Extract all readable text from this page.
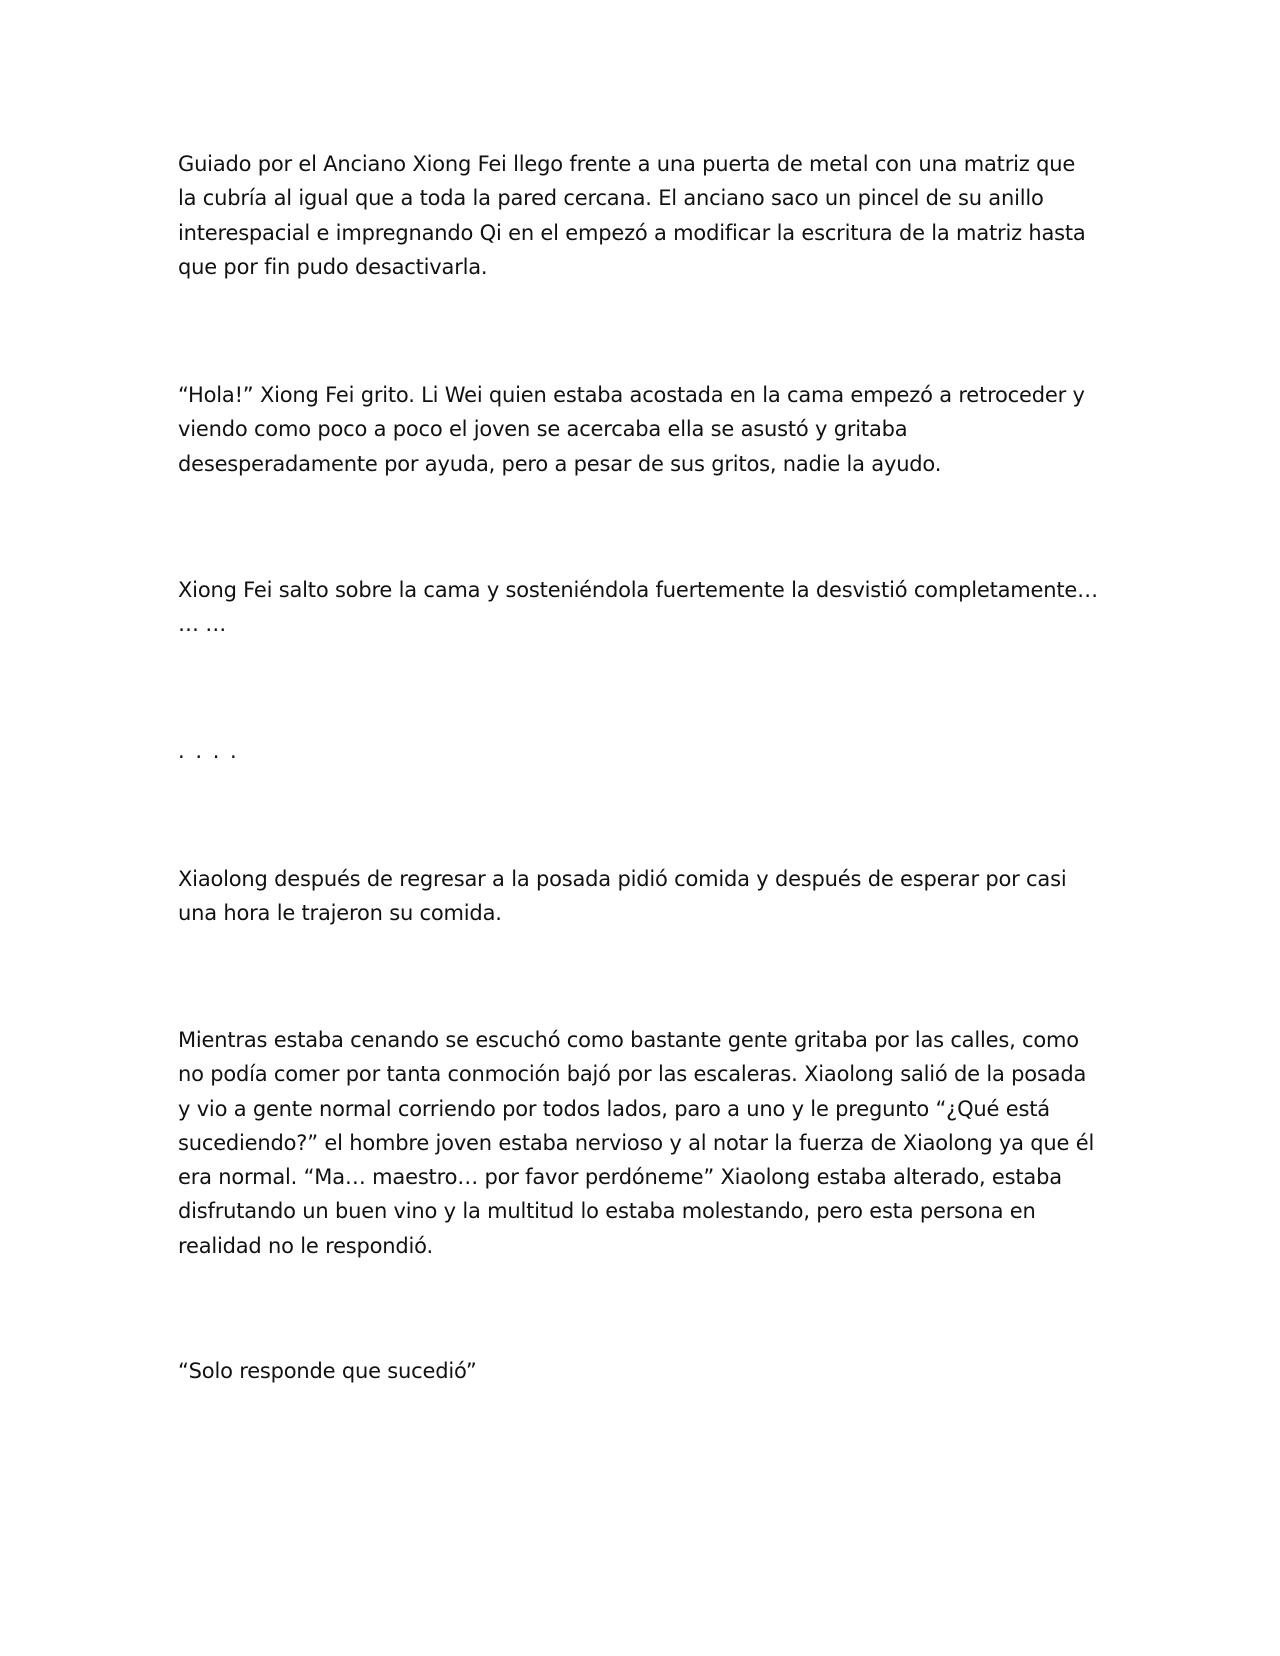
Guiado por el Anciano Xiong Fei llego frente a una puerta de metal con una matriz que la cubría al igual que a toda la pared cercana. El anciano saco un pincel de su anillo interespacial e impregnando Qi en el empezó a modificar la escritura de la matriz hasta que por fin pudo desactivarla.

“Hola!” Xiong Fei grito. Li Wei quien estaba acostada en la cama empezó a retroceder y viendo como poco a poco el joven se acercaba ella se asustó y gritaba desesperadamente por ayuda, pero a pesar de sus gritos, nadie la ayudo.

Xiong Fei salto sobre la cama y sosteniéndola fuertemente la desvistió completamente… … …

. . . .

Xiaolong después de regresar a la posada pidió comida y después de esperar por casi una hora le trajeron su comida.

Mientras estaba cenando se escuchó como bastante gente gritaba por las calles, como no podía comer por tanta conmoción bajó por las escaleras. Xiaolong salió de la posada y vio a gente normal corriendo por todos lados, paro a uno y le pregunto “¿Qué está sucediendo?” el hombre joven estaba nervioso y al notar la fuerza de Xiaolong ya que él era normal. “Ma… maestro… por favor perdóneme” Xiaolong estaba alterado, estaba disfrutando un buen vino y la multitud lo estaba molestando, pero esta persona en realidad no le respondió.

“Solo responde que sucedió”
